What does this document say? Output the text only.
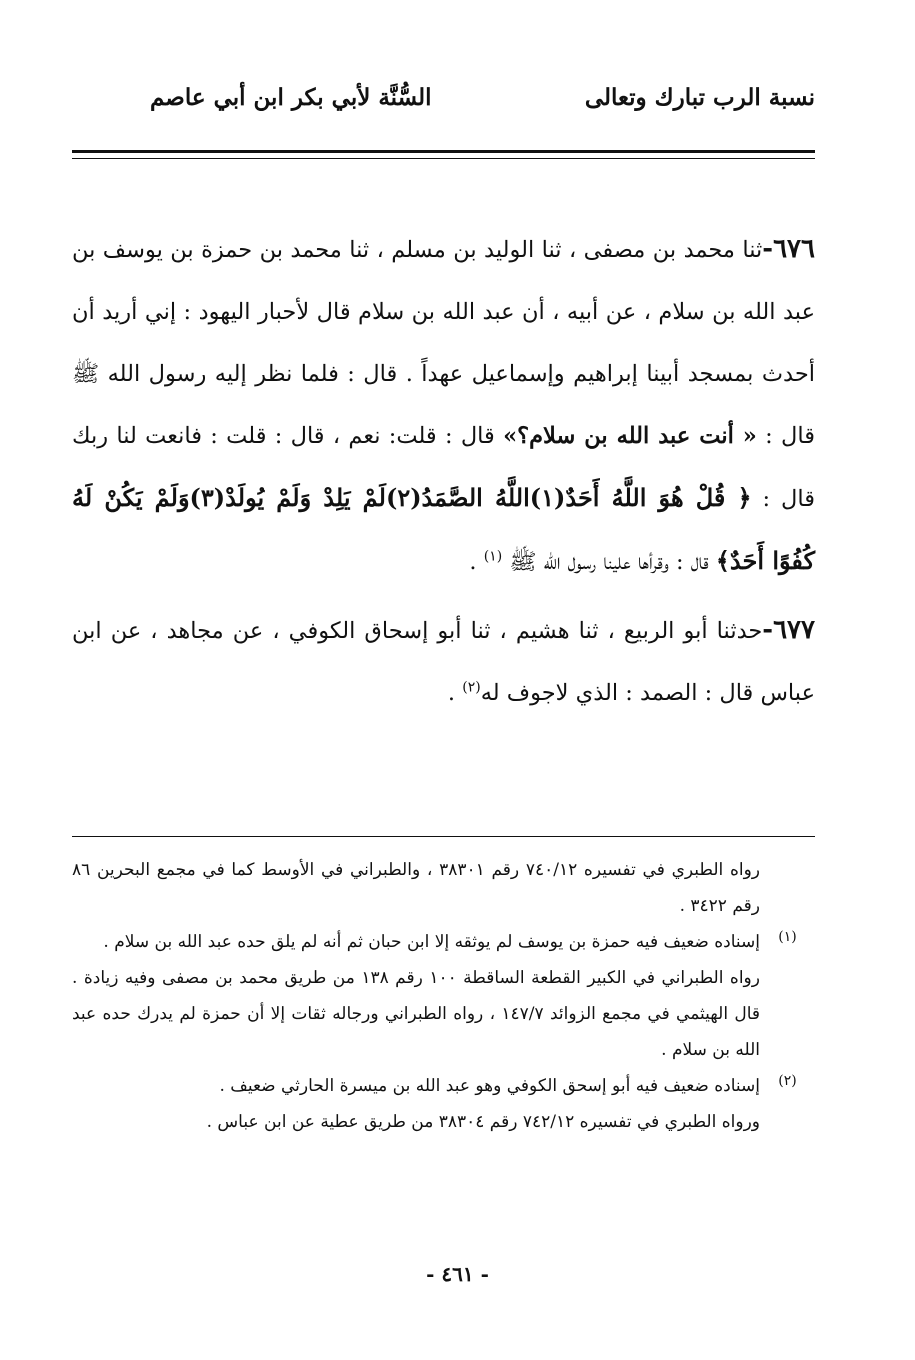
نسبة الرب تبارك وتعالى
السُّنَّة لأبي بكر ابن أبي عاصم

٦٧٦-ثنا محمد بن مصفى ، ثنا الوليد بن مسلم ، ثنا محمد بن حمزة بن يوسف بن عبد الله بن سلام ، عن أبيه ، أن عبد الله بن سلام قال لأحبار اليهود : إني أريد أن أحدث بمسجد أبينا إبراهيم وإسماعيل عهداً . قال : فلما نظر إليه رسول الله ﷺ قال : « أنت عبد الله بن سلام؟» قال : قلت: نعم ، قال : قلت : فانعت لنا ربك قال : ﴿ قُلْ هُوَ اللَّهُ أَحَدٌ(١)اللَّهُ الصَّمَدُ(٢)لَمْ يَلِدْ وَلَمْ يُولَدْ(٣)وَلَمْ يَكُنْ لَهُ كُفُوًا أَحَدٌ﴾ قال : وقرأها علينا رسول الله ﷺ $^{(١)}$ .

٦٧٧-حدثنا أبو الربيع ، ثنا هشيم ، ثنا أبو إسحاق الكوفي ، عن مجاهد ، عن ابن عباس قال : الصمد : الذي لاجوف له$^{(٢)}$ .

رواه الطبري في تفسيره ٧٤٠/١٢ رقم ٣٨٣٠١ ، والطبراني في الأوسط كما في مجمع البحرين ٨٦ رقم ٣٤٢٢ .
(١)
إسناده ضعيف فيه حمزة بن يوسف لم يوثقه إلا ابن حبان ثم أنه لم يلق حده عبد الله بن سلام .
رواه الطبراني في الكبير القطعة الساقطة ١٠٠ رقم ١٣٨ من طريق محمد بن مصفى وفيه زيادة . قال الهيثمي في مجمع الزوائد ١٤٧/٧ ، رواه الطبراني ورجاله ثقات إلا أن حمزة لم يدرك حده عبد الله بن سلام .
(٢)
إسناده ضعيف فيه أبو إسحق الكوفي وهو عبد الله بن ميسرة الحارثي ضعيف .
ورواه الطبري في تفسيره ٧٤٢/١٢ رقم ٣٨٣٠٤ من طريق عطية عن ابن عباس .
- ٤٦١ -
